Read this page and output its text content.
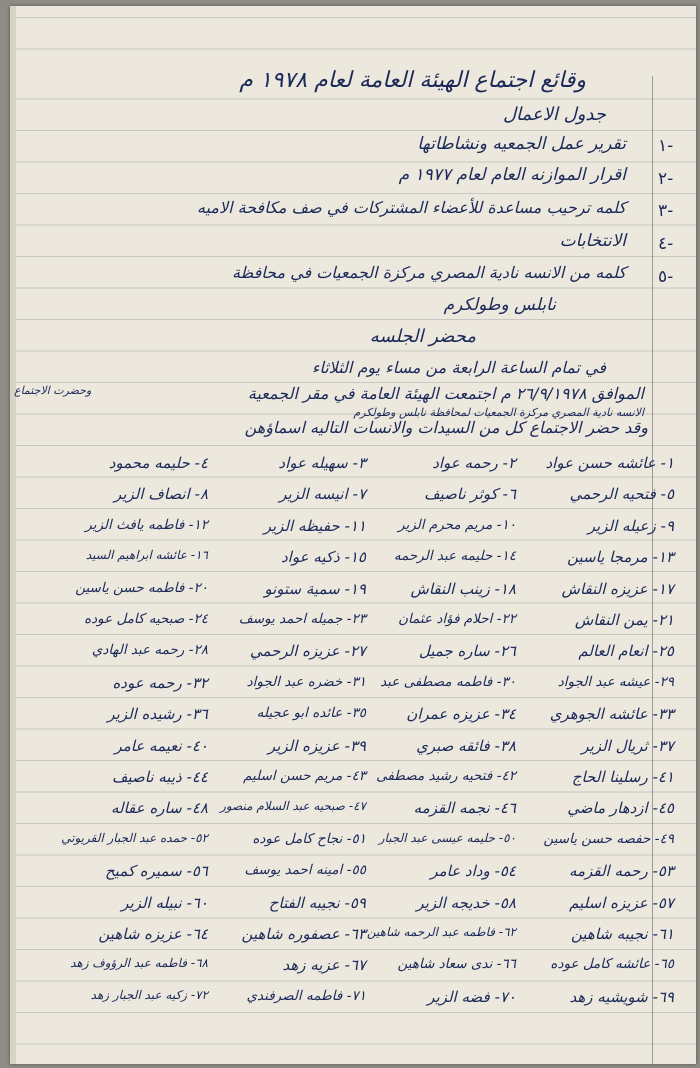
وقائع اجتماع الهيئة العامة لعام ١٩٧٨ م
جدول الاعمال
١-
تقرير عمل الجمعيه ونشاطاتها
٢-
اقرار الموازنه العام لعام ١٩٧٧ م
٣-
كلمه ترحيب مساعدة للأعضاء المشتركات في صف مكافحة الاميه
٤-
الانتخابات
٥-
كلمه من الانسه نادية المصري مركزة الجمعيات في محافظة
نابلس وطولكرم
محضر الجلسه
في تمام الساعة الرابعة من مساء يوم الثلاثاء
الموافق ٢٦/٩/١٩٧٨ م اجتمعت الهيئة العامة في مقر الجمعية
وحضرت الاجتماع
الانسه نادية المصري مركزة الجمعيات لمحافظة نابلس وطولكرم
وقد حضر الاجتماع كل من السيدات والانسات التاليه اسماؤهن
١- عائشه حسن عواد
٢- رحمه عواد
٣- سهيله عواد
٤- حليمه محمود
٥- فتحيه الرحمي
٦- كوثر ناصيف
٧- انيسه الزير
٨- انصاف الزير
٩- زعيله الزير
١٠- مريم محرم الزير
١١- حفيظه الزير
١٢- فاطمه يافث الزير
١٣- مرمجا ياسين
١٤- حليمه عبد الرحمه
١٥- ذكيه عواد
١٦- عائشه ابراهيم السيد
١٧- عزيزه النقاش
١٨- زينب النقاش
١٩- سمية ستونو
٢٠- فاطمه حسن ياسين
٢١- يمن النقاش
٢٢- احلام فؤاد عثمان
٢٣- جميله احمد يوسف
٢٤- صبحيه كامل عوده
٢٥- انعام العالم
٢٦- ساره جميل
٢٧- عزيزه الرحمي
٢٨- رحمه عبد الهادي
٢٩- عيشه عبد الجواد
٣٠- فاطمه مصطفى عبد
٣١- خضره عبد الجواد
٣٢- رحمه عوده
٣٣- عائشه الجوهري
٣٤- عزيزه عمران
٣٥- عائده ابو عجيله
٣٦- رشيده الزير
٣٧- ثريال الزير
٣٨- فائقه صبري
٣٩- عزيزه الزير
٤٠- نعيمه عامر
٤١- رسلينا الحاج
٤٢- فتحيه رشيد مصطفى
٤٣- مريم حسن اسليم
٤٤- ذيبه ناصيف
٤٥- ازدهار ماضي
٤٦- نجمه القزمه
٤٧- صبحيه عبد السلام منصور
٤٨- ساره عقاله
٤٩- حفصه حسن ياسين
٥٠- حليمه عيسى عبد الجبار
٥١- نجاح كامل عوده
٥٢- حمده عبد الجبار القريوتي
٥٣- رحمه القزمه
٥٤- وداد عامر
٥٥- امينه احمد يوسف
٥٦- سميره كميح
٥٧- عزيزه اسليم
٥٨- خديجه الزير
٥٩- نجيبه الفتاح
٦٠- نبيله الزير
٦١- نجيبه شاهين
٦٢- فاطمه عبد الرحمه شاهين
٦٣- عصفوره شاهين
٦٤- عزيزه شاهين
٦٥- عائشه كامل عوده
٦٦- ندى سعاد شاهين
٦٧- عزيه زهد
٦٨- فاطمه عبد الرؤوف زهد
٦٩- شويشيه زهد
٧٠- فضه الزير
٧١- فاطمه الصرفندي
٧٢- زكيه عبد الجبار زهد
